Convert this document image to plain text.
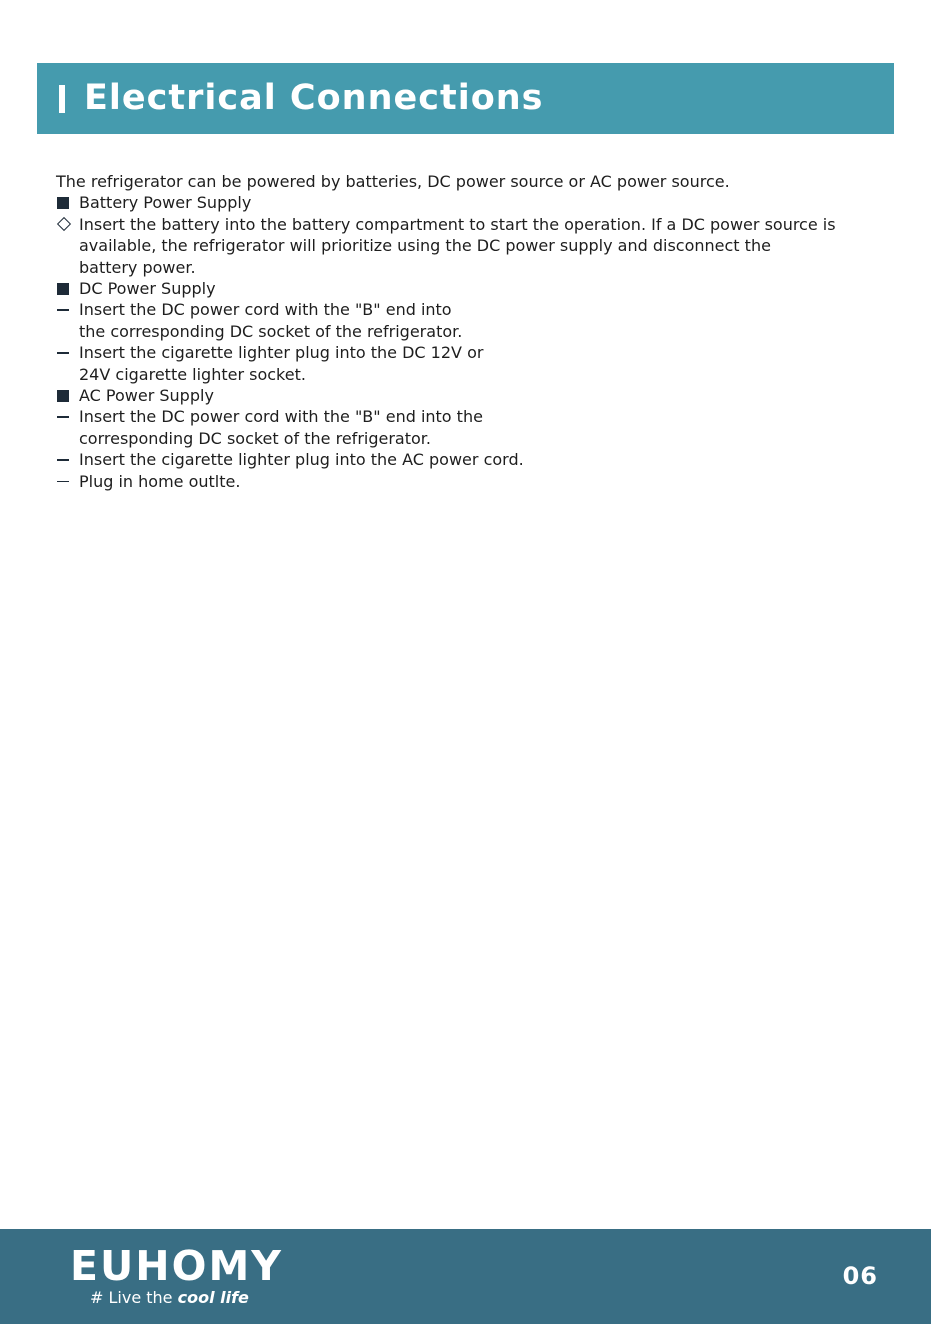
Electrical Connections
The refrigerator can be powered by batteries, DC power source or AC power source.
Battery Power Supply
Insert the battery into the battery compartment to start the operation. If a DC power source is
available, the refrigerator will prioritize using the DC power supply and disconnect the
battery power.
DC Power Supply
Insert the DC power cord with the "B" end into
the corresponding DC socket of the refrigerator.
Insert the cigarette lighter plug into the DC 12V or
24V cigarette lighter socket.
AC Power Supply
Insert the DC power cord with the "B" end into the
corresponding DC socket of the refrigerator.
Insert the cigarette lighter plug into the AC power cord.
Plug in home outlte.
EUHOMY
# Live the cool life
06
